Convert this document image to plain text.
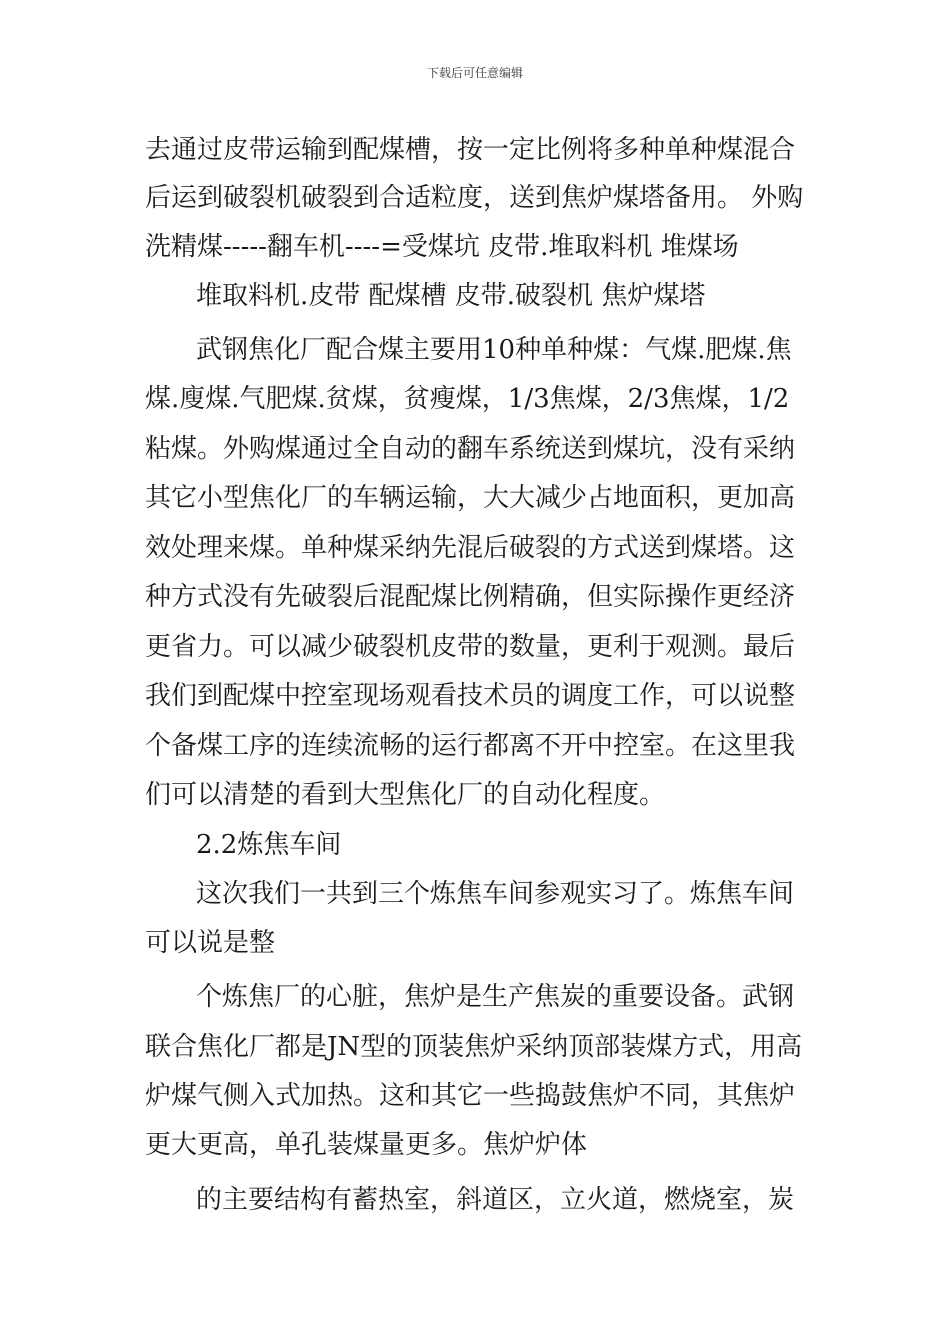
下载后可任意编辑
去通过皮带运输到配煤槽，按一定比例将多种单种煤混合
后运到破裂机破裂到合适粒度，送到焦炉煤塔备用。 外购
洗精煤-----翻车机----=受煤坑 皮带.堆取料机 堆煤场
堆取料机.皮带 配煤槽 皮带.破裂机 焦炉煤塔
武钢焦化厂配合煤主要用10种单种煤：气煤.肥煤.焦
煤.廋煤.气肥煤.贫煤，贫瘦煤，1/3焦煤，2/3焦煤，1/2
粘煤。外购煤通过全自动的翻车系统送到煤坑，没有采纳
其它小型焦化厂的车辆运输，大大减少占地面积，更加高
效处理来煤。单种煤采纳先混后破裂的方式送到煤塔。这
种方式没有先破裂后混配煤比例精确，但实际操作更经济
更省力。可以减少破裂机皮带的数量，更利于观测。最后
我们到配煤中控室现场观看技术员的调度工作，可以说整
个备煤工序的连续流畅的运行都离不开中控室。在这里我
们可以清楚的看到大型焦化厂的自动化程度。
2.2炼焦车间
这次我们一共到三个炼焦车间参观实习了。炼焦车间
可以说是整
个炼焦厂的心脏，焦炉是生产焦炭的重要设备。武钢
联合焦化厂都是JN型的顶装焦炉采纳顶部装煤方式，用高
炉煤气侧入式加热。这和其它一些捣鼓焦炉不同，其焦炉
更大更高，单孔装煤量更多。焦炉炉体
的主要结构有蓄热室，斜道区，立火道，燃烧室，炭
